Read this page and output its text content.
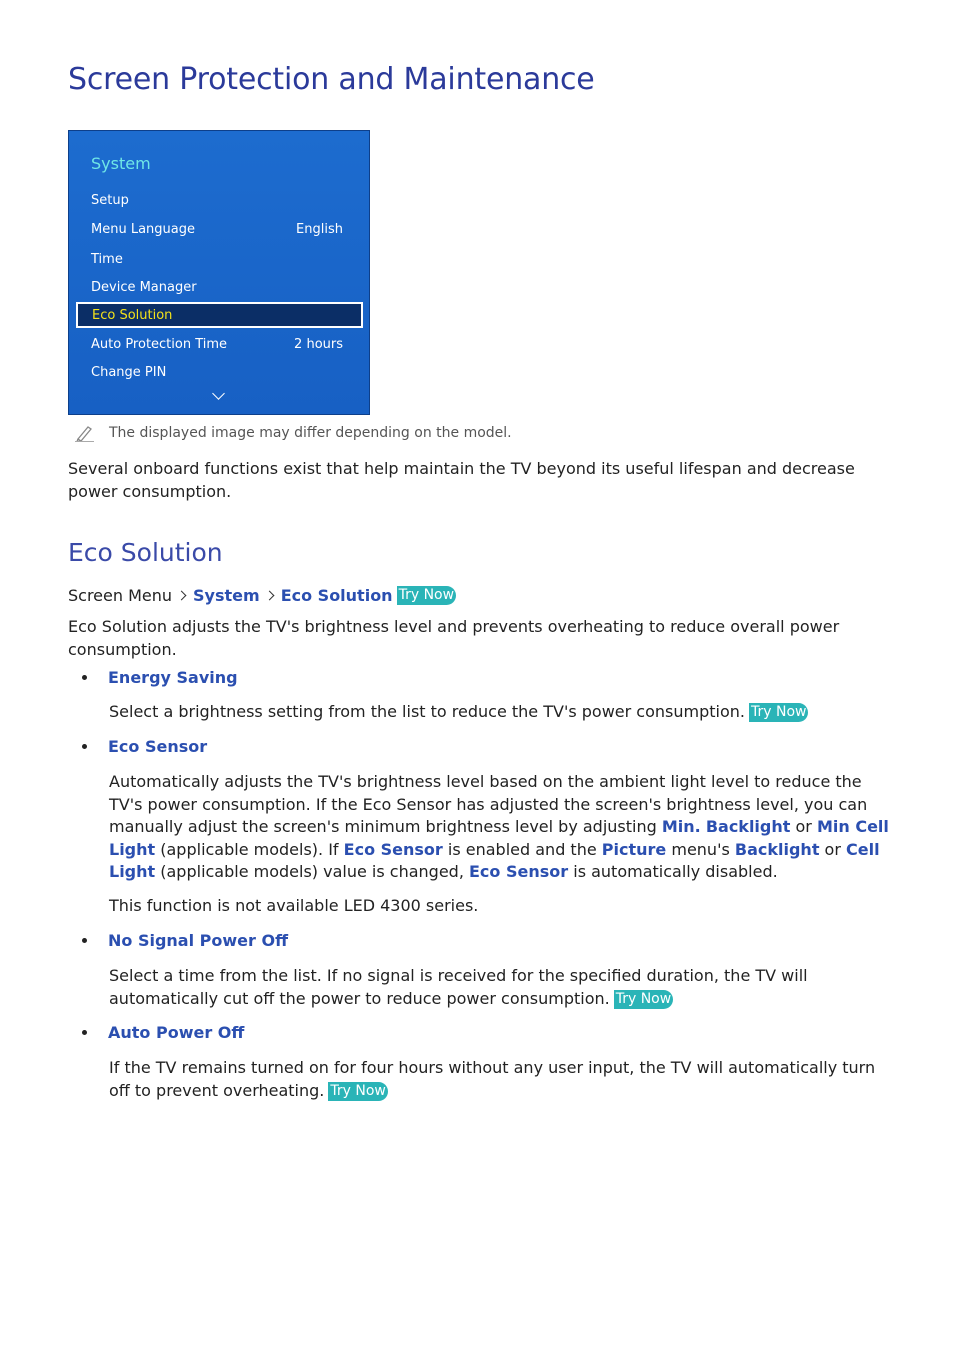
Screen Protection and Maintenance
System
Setup
Menu Language	English
Time
Device Manager
Eco Solution
Auto Protection Time	2 hours
Change PIN
The displayed image may differ depending on the model.

Several onboard functions exist that help maintain the TV beyond its useful lifespan and decrease power consumption.

Eco Solution
Screen Menu System Eco Solution Try Now

Eco Solution adjusts the TV's brightness level and prevents overheating to reduce overall power consumption.

Energy Saving

Select a brightness setting from the list to reduce the TV's power consumption. Try Now

Eco Sensor

Automatically adjusts the TV's brightness level based on the ambient light level to reduce the TV's power consumption. If the Eco Sensor has adjusted the screen's brightness level, you can manually adjust the screen's minimum brightness level by adjusting Min. Backlight or Min Cell Light (applicable models). If Eco Sensor is enabled and the Picture menu's Backlight or Cell Light (applicable models) value is changed, Eco Sensor is automatically disabled.

This function is not available LED 4300 series.

No Signal Power Off

Select a time from the list. If no signal is received for the specified duration, the TV will automatically cut off the power to reduce power consumption. Try Now

Auto Power Off

If the TV remains turned on for four hours without any user input, the TV will automatically turn off to prevent overheating. Try Now
